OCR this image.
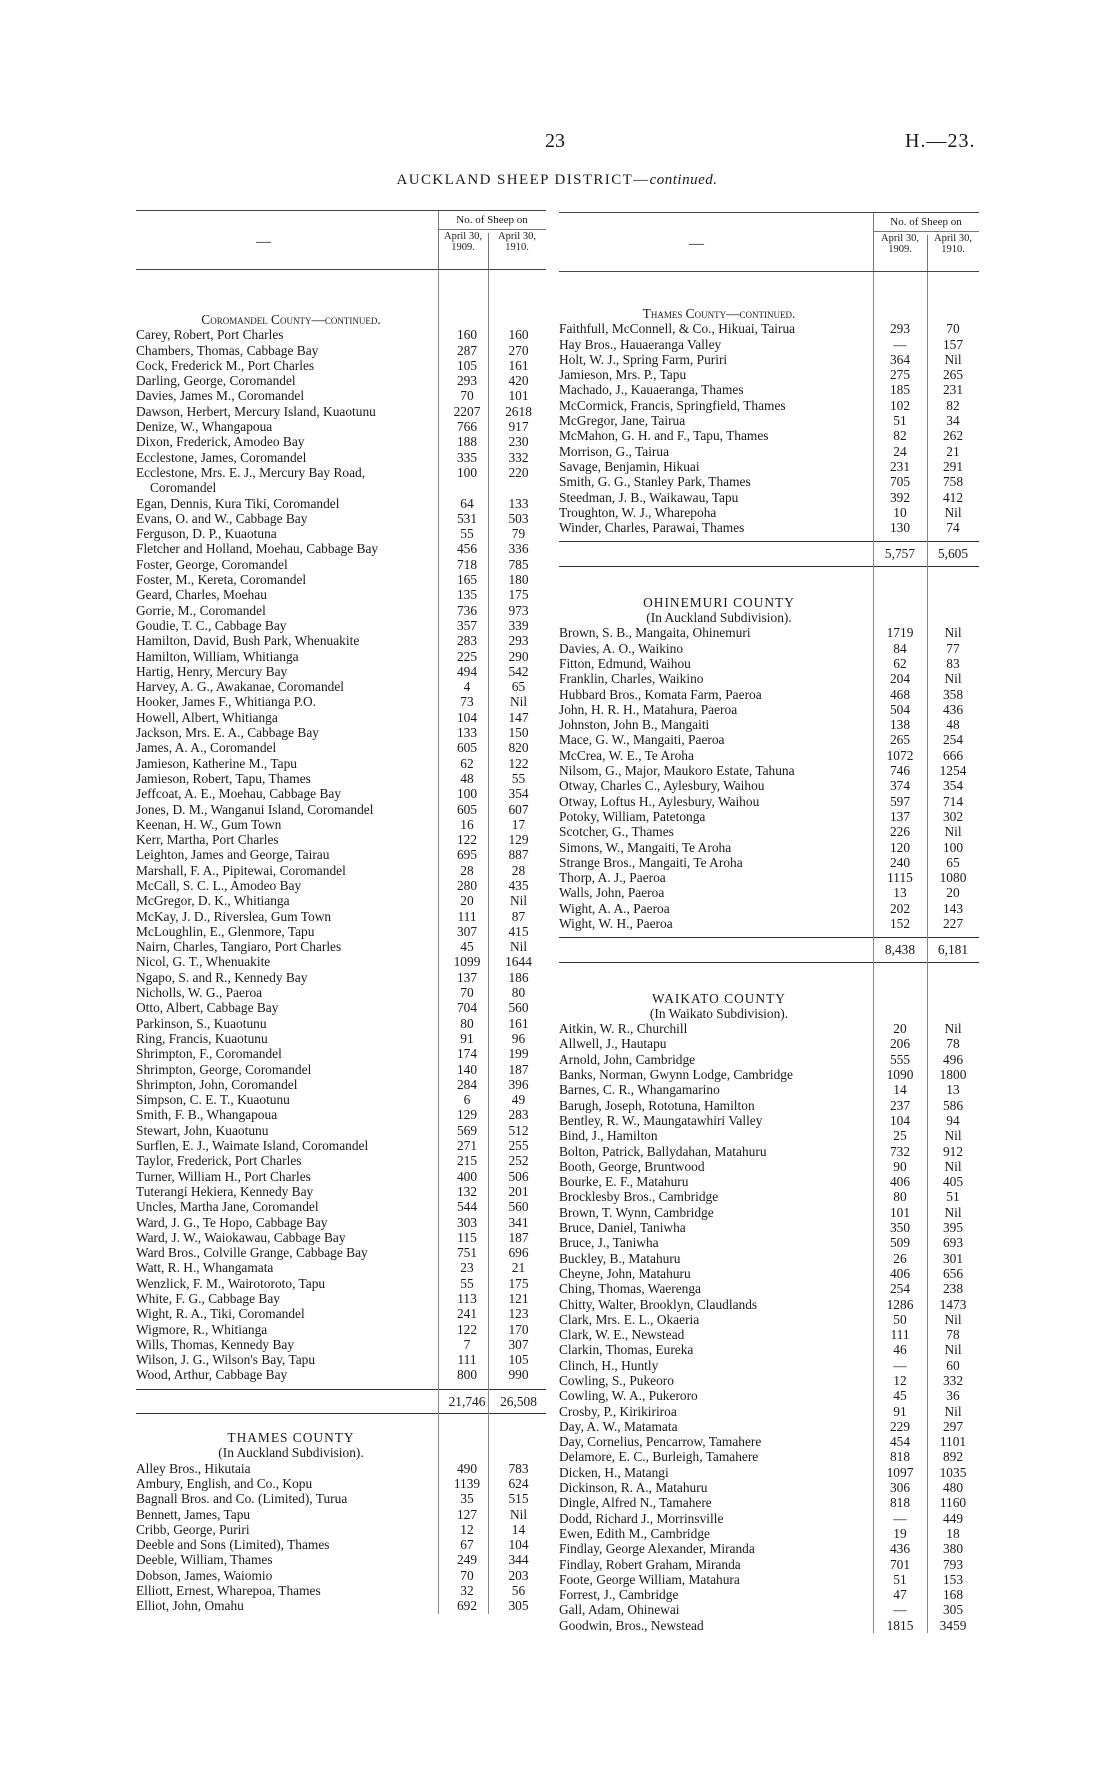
23	H.—23.
AUCKLAND SHEEP DISTRICT—continued.
—
No. of Sheep on
April 30, 1909.
April 30, 1910.
Coromandel County—continued.
Carey, Robert, Port Charles	160	160
Chambers, Thomas, Cabbage Bay	287	270
Cock, Frederick M., Port Charles	105	161
Darling, George, Coromandel	293	420
Davies, James M., Coromandel	70	101
Dawson, Herbert, Mercury Island, Kuaotunu	2207	2618
Denize, W., Whangapoua	766	917
Dixon, Frederick, Amodeo Bay	188	230
Ecclestone, James, Coromandel	335	332
Ecclestone, Mrs. E. J., Mercury Bay Road,	100	220
Coromandel
Egan, Dennis, Kura Tiki, Coromandel	64	133
Evans, O. and W., Cabbage Bay	531	503
Ferguson, D. P., Kuaotuna	55	79
Fletcher and Holland, Moehau, Cabbage Bay	456	336
Foster, George, Coromandel	718	785
Foster, M., Kereta, Coromandel	165	180
Geard, Charles, Moehau	135	175
Gorrie, M., Coromandel	736	973
Goudie, T. C., Cabbage Bay	357	339
Hamilton, David, Bush Park, Whenuakite	283	293
Hamilton, William, Whitianga	225	290
Hartig, Henry, Mercury Bay	494	542
Harvey, A. G., Awakanae, Coromandel	4	65
Hooker, James F., Whitianga P.O.	73	Nil
Howell, Albert, Whitianga	104	147
Jackson, Mrs. E. A., Cabbage Bay	133	150
James, A. A., Coromandel	605	820
Jamieson, Katherine M., Tapu	62	122
Jamieson, Robert, Tapu, Thames	48	55
Jeffcoat, A. E., Moehau, Cabbage Bay	100	354
Jones, D. M., Wanganui Island, Coromandel	605	607
Keenan, H. W., Gum Town	16	17
Kerr, Martha, Port Charles	122	129
Leighton, James and George, Tairau	695	887
Marshall, F. A., Pipitewai, Coromandel	28	28
McCall, S. C. L., Amodeo Bay	280	435
McGregor, D. K., Whitianga	20	Nil
McKay, J. D., Riverslea, Gum Town	111	87
McLoughlin, E., Glenmore, Tapu	307	415
Nairn, Charles, Tangiaro, Port Charles	45	Nil
Nicol, G. T., Whenuakite	1099	1644
Ngapo, S. and R., Kennedy Bay	137	186
Nicholls, W. G., Paeroa	70	80
Otto, Albert, Cabbage Bay	704	560
Parkinson, S., Kuaotunu	80	161
Ring, Francis, Kuaotunu	91	96
Shrimpton, F., Coromandel	174	199
Shrimpton, George, Coromandel	140	187
Shrimpton, John, Coromandel	284	396
Simpson, C. E. T., Kuaotunu	6	49
Smith, F. B., Whangapoua	129	283
Stewart, John, Kuaotunu	569	512
Surflen, E. J., Waimate Island, Coromandel	271	255
Taylor, Frederick, Port Charles	215	252
Turner, William H., Port Charles	400	506
Tuterangi Hekiera, Kennedy Bay	132	201
Uncles, Martha Jane, Coromandel	544	560
Ward, J. G., Te Hopo, Cabbage Bay	303	341
Ward, J. W., Waiokawau, Cabbage Bay	115	187
Ward Bros., Colville Grange, Cabbage Bay	751	696
Watt, R. H., Whangamata	23	21
Wenzlick, F. M., Wairotoroto, Tapu	55	175
White, F. G., Cabbage Bay	113	121
Wight, R. A., Tiki, Coromandel	241	123
Wigmore, R., Whitianga	122	170
Wills, Thomas, Kennedy Bay	7	307
Wilson, J. G., Wilson's Bay, Tapu	111	105
Wood, Arthur, Cabbage Bay	800	990
21,746	26,508
THAMES COUNTY
(In Auckland Subdivision).
Alley Bros., Hikutaia	490	783
Ambury, English, and Co., Kopu	1139	624
Bagnall Bros. and Co. (Limited), Turua	35	515
Bennett, James, Tapu	127	Nil
Cribb, George, Puriri	12	14
Deeble and Sons (Limited), Thames	67	104
Deeble, William, Thames	249	344
Dobson, James, Waiomio	70	203
Elliott, Ernest, Wharepoa, Thames	32	56
Elliot, John, Omahu	692	305
—
No. of Sheep on
April 30, 1909.
April 30, 1910.
Thames County—continued.
Faithfull, McConnell, & Co., Hikuai, Tairua	293	70
Hay Bros., Hauaeranga Valley	—	157
Holt, W. J., Spring Farm, Puriri	364	Nil
Jamieson, Mrs. P., Tapu	275	265
Machado, J., Kauaeranga, Thames	185	231
McCormick, Francis, Springfield, Thames	102	82
McGregor, Jane, Tairua	51	34
McMahon, G. H. and F., Tapu, Thames	82	262
Morrison, G., Tairua	24	21
Savage, Benjamin, Hikuai	231	291
Smith, G. G., Stanley Park, Thames	705	758
Steedman, J. B., Waikawau, Tapu	392	412
Troughton, W. J., Wharepoha	10	Nil
Winder, Charles, Parawai, Thames	130	74
5,757	5,605
OHINEMURI COUNTY
(In Auckland Subdivision).
Brown, S. B., Mangaita, Ohinemuri	1719	Nil
Davies, A. O., Waikino	84	77
Fitton, Edmund, Waihou	62	83
Franklin, Charles, Waikino	204	Nil
Hubbard Bros., Komata Farm, Paeroa	468	358
John, H. R. H., Matahura, Paeroa	504	436
Johnston, John B., Mangaiti	138	48
Mace, G. W., Mangaiti, Paeroa	265	254
McCrea, W. E., Te Aroha	1072	666
Nilsom, G., Major, Maukoro Estate, Tahuna	746	1254
Otway, Charles C., Aylesbury, Waihou	374	354
Otway, Loftus H., Aylesbury, Waihou	597	714
Potoky, William, Patetonga	137	302
Scotcher, G., Thames	226	Nil
Simons, W., Mangaiti, Te Aroha	120	100
Strange Bros., Mangaiti, Te Aroha	240	65
Thorp, A. J., Paeroa	1115	1080
Walls, John, Paeroa	13	20
Wight, A. A., Paeroa	202	143
Wight, W. H., Paeroa	152	227
8,438	6,181
WAIKATO COUNTY
(In Waikato Subdivision).
Aitkin, W. R., Churchill	20	Nil
Allwell, J., Hautapu	206	78
Arnold, John, Cambridge	555	496
Banks, Norman, Gwynn Lodge, Cambridge	1090	1800
Barnes, C. R., Whangamarino	14	13
Barugh, Joseph, Rototuna, Hamilton	237	586
Bentley, R. W., Maungatawhiri Valley	104	94
Bind, J., Hamilton	25	Nil
Bolton, Patrick, Ballydahan, Matahuru	732	912
Booth, George, Bruntwood	90	Nil
Bourke, E. F., Matahuru	406	405
Brocklesby Bros., Cambridge	80	51
Brown, T. Wynn, Cambridge	101	Nil
Bruce, Daniel, Taniwha	350	395
Bruce, J., Taniwha	509	693
Buckley, B., Matahuru	26	301
Cheyne, John, Matahuru	406	656
Ching, Thomas, Waerenga	254	238
Chitty, Walter, Brooklyn, Claudlands	1286	1473
Clark, Mrs. E. L., Okaeria	50	Nil
Clark, W. E., Newstead	111	78
Clarkin, Thomas, Eureka	46	Nil
Clinch, H., Huntly	—	60
Cowling, S., Pukeoro	12	332
Cowling, W. A., Pukeroro	45	36
Crosby, P., Kirikiriroa	91	Nil
Day, A. W., Matamata	229	297
Day, Cornelius, Pencarrow, Tamahere	454	1101
Delamore, E. C., Burleigh, Tamahere	818	892
Dicken, H., Matangi	1097	1035
Dickinson, R. A., Matahuru	306	480
Dingle, Alfred N., Tamahere	818	1160
Dodd, Richard J., Morrinsville	—	449
Ewen, Edith M., Cambridge	19	18
Findlay, George Alexander, Miranda	436	380
Findlay, Robert Graham, Miranda	701	793
Foote, George William, Matahura	51	153
Forrest, J., Cambridge	47	168
Gall, Adam, Ohinewai	—	305
Goodwin, Bros., Newstead	1815	3459
